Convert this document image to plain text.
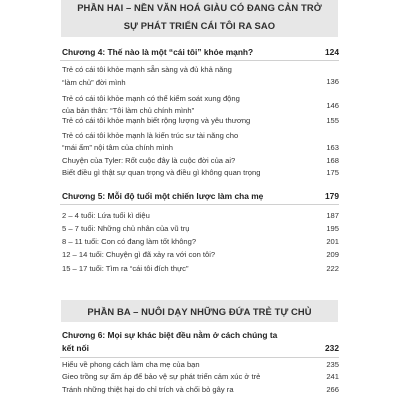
PHẦN HAI – NỀN VĂN HOÁ GIÀU CÓ ĐANG CẢN TRỞ
SỰ PHÁT TRIỂN CÁI TÔI RA SAO
Chương 4: Thế nào là một “cái tôi” khỏe mạnh?	124
Trẻ có cái tôi khỏe mạnh sẵn sàng và đủ khả năng
“làm chủ” đời mình	136
Trẻ có cái tôi khỏe mạnh có thể kiểm soát xung động
của bản thân: “Tôi làm chủ chính mình”
146
Trẻ có cái tôi khỏe mạnh biết rộng lượng và yêu thương	155
Trẻ có cái tôi khỏe mạnh là kiến trúc sư tài năng cho
“mái ấm” nội tâm của chính mình	163
Chuyện của Tyler: Rốt cuộc đây là cuộc đời của ai?	168
Biết điều gì thật sự quan trọng và điều gì không quan trọng	175
Chương 5: Mỗi độ tuổi một chiến lược làm cha mẹ	179
2 – 4 tuổi: Lứa tuổi kì diệu	187
5 – 7 tuổi: Những chủ nhân của vũ trụ	195
8 – 11 tuổi: Con có đang làm tốt không?	201
12 – 14 tuổi: Chuyện gì đã xảy ra với con tôi?	209
15 – 17 tuổi: Tìm ra “cái tôi đích thực”	222
PHẦN BA – NUÔI DẠY NHỮNG ĐỨA TRẺ TỰ CHỦ
Chương 6: Mọi sự khác biệt đều nằm ở cách chúng ta
kết nối	232
Hiểu về phong cách làm cha mẹ của bạn	235
Gieo trồng sự ấm áp để bảo vệ sự phát triển cảm xúc ở trẻ	241
Tránh những thiệt hại do chỉ trích và chối bỏ gây ra	266
